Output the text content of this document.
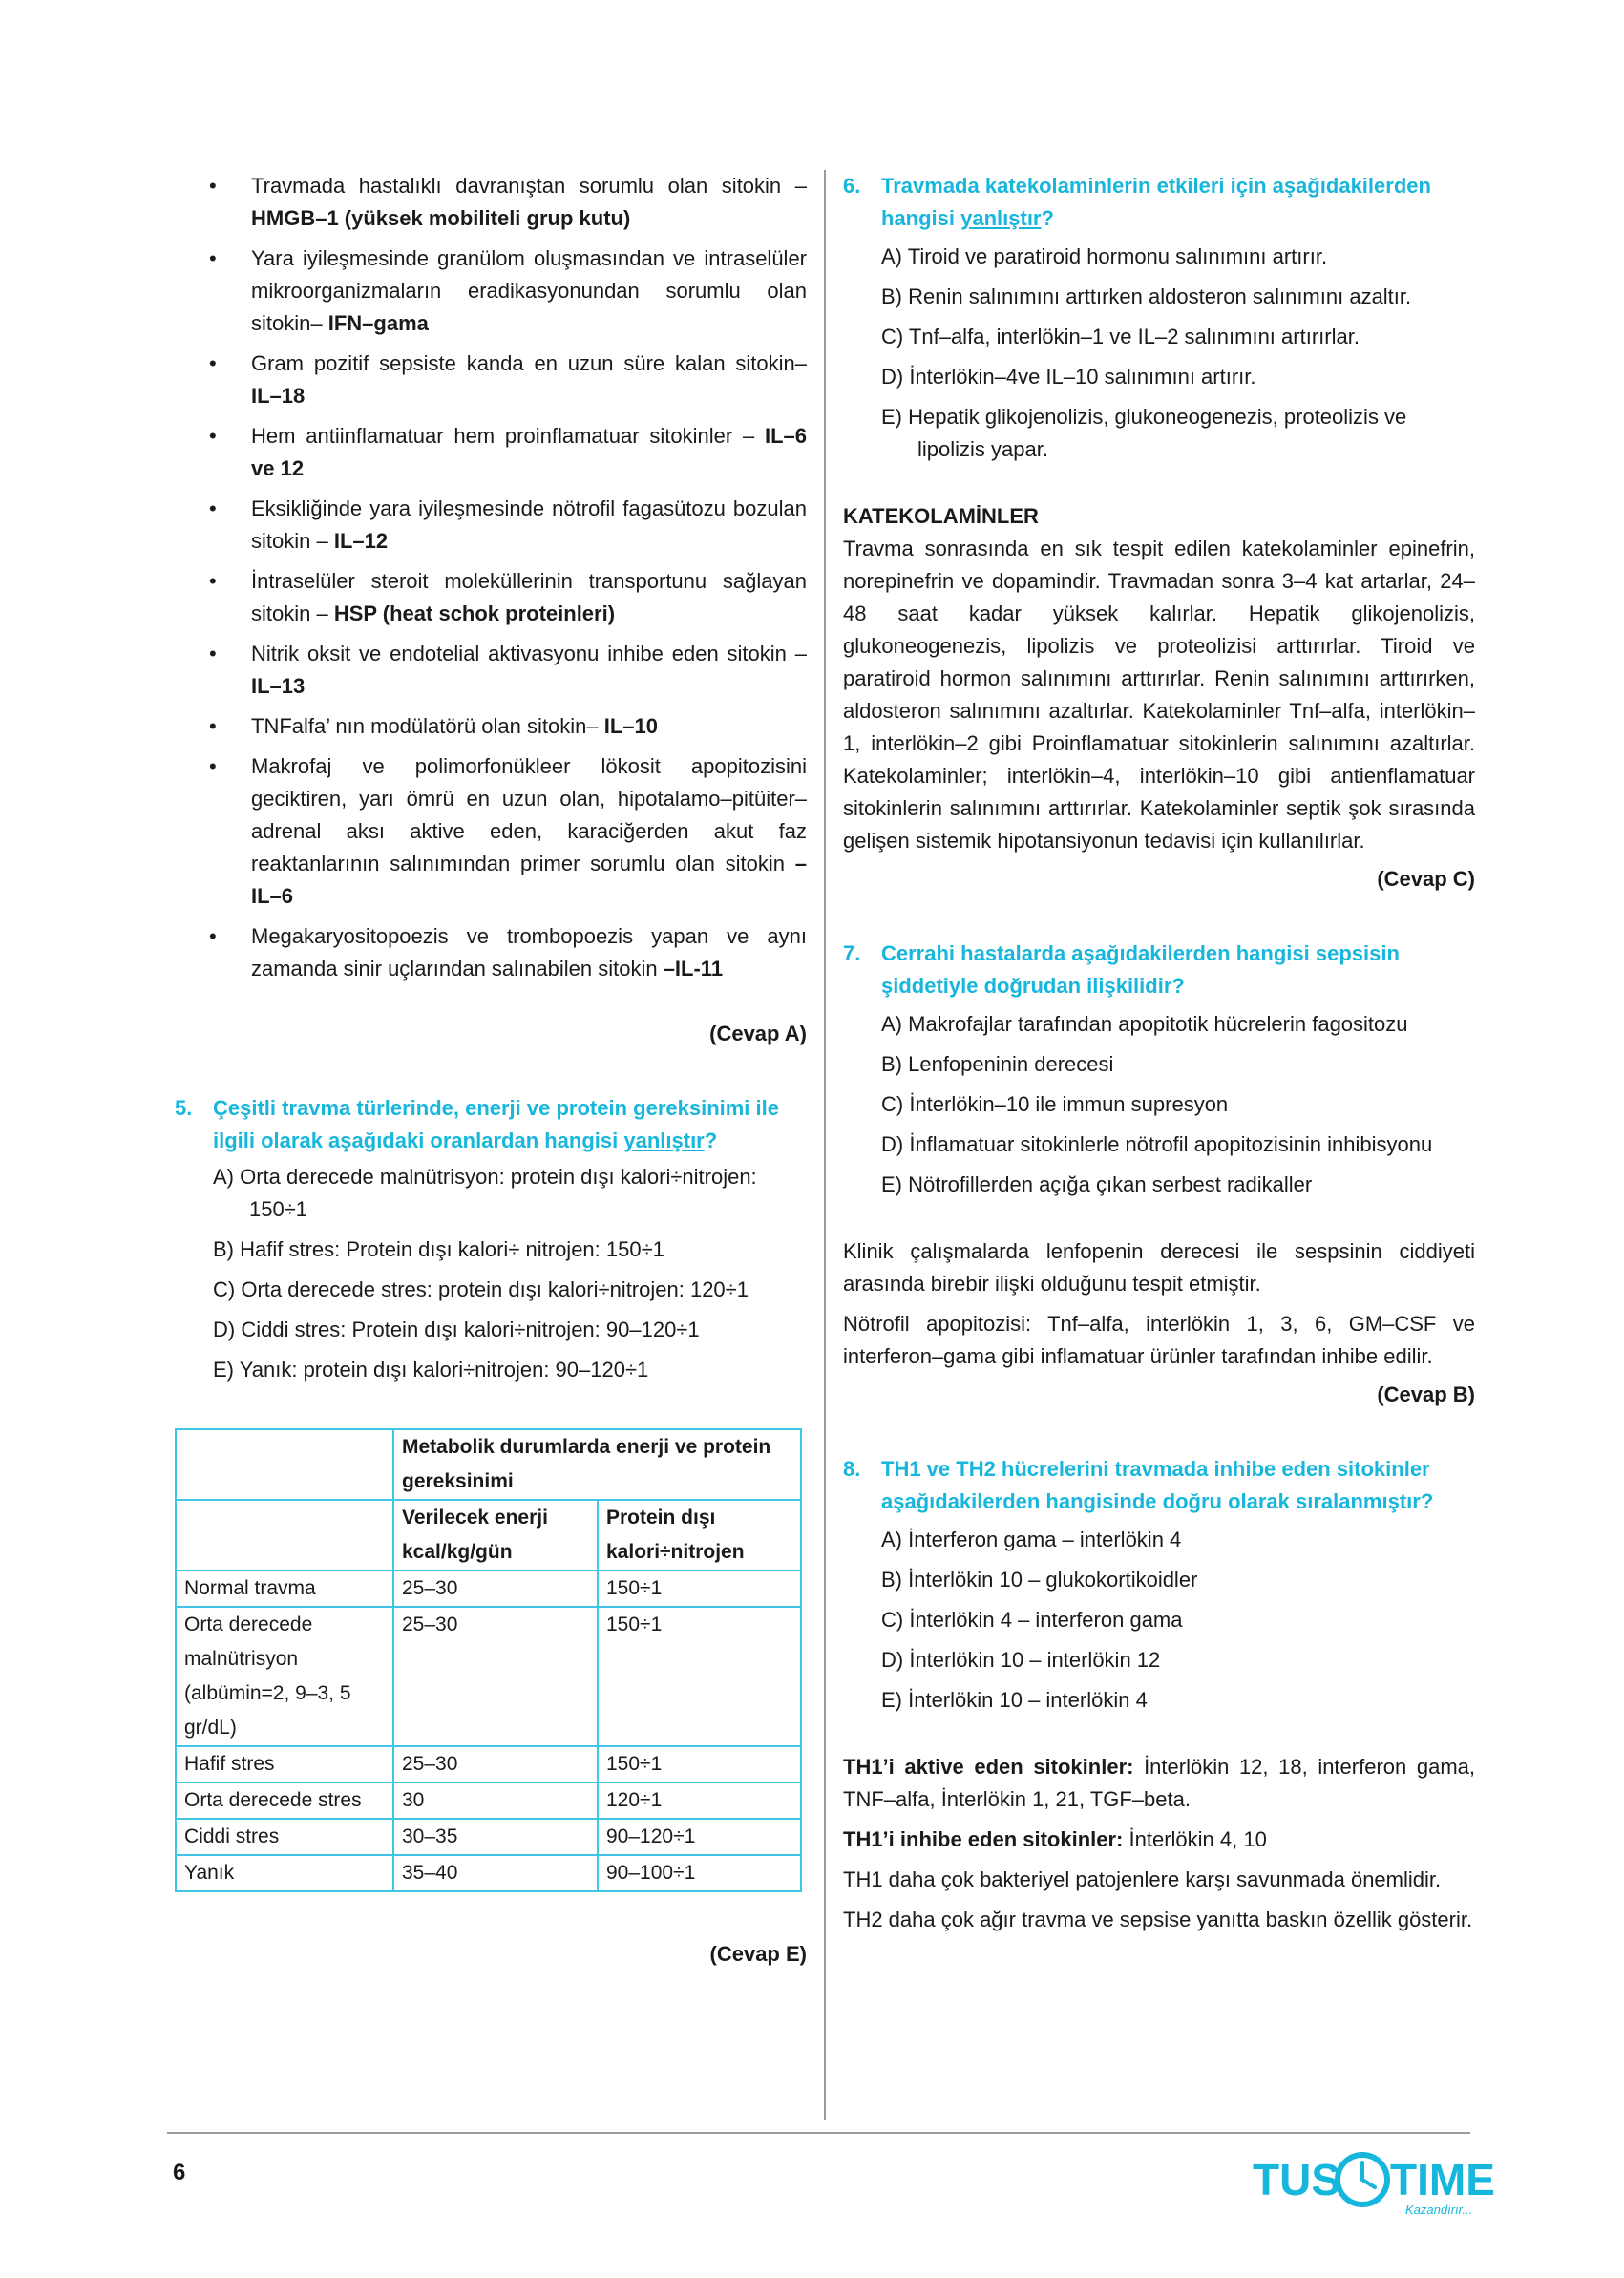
• Travmada hastalıklı davranıştan sorumlu olan sitokin – HMGB–1 (yüksek mobiliteli grup kutu)
• Yara iyileşmesinde granülom oluşmasından ve intraselüler mikroorganizmaların eradikasyonundan sorumlu olan sitokin– IFN–gama
• Gram pozitif sepsiste kanda en uzun süre kalan sitokin– IL–18
• Hem antiinflamatuar hem proinflamatuar sitokinler – IL–6 ve 12
• Eksikliğinde yara iyileşmesinde nötrofil fagasütozu bozulan sitokin – IL–12
• İntraselüler steroit moleküllerinin transportunu sağlayan sitokin – HSP (heat schok proteinleri)
• Nitrik oksit ve endotelial aktivasyonu inhibe eden sitokin – IL–13
• TNFalfa’ nın modülatörü olan sitokin– IL–10
• Makrofaj ve polimorfonükleer lökosit apopitozisini geciktiren, yarı ömrü en uzun olan, hipotalamo–pitüiter– adrenal aksı aktive eden, karaciğerden akut faz reaktanlarının salınımından primer sorumlu olan sitokin –IL–6
• Megakaryositopoezis ve trombopoezis yapan ve aynı zamanda sinir uçlarından salınabilen sitokin –IL-11
(Cevap A)
5. Çeşitli travma türlerinde, enerji ve protein gereksinimi ile ilgili olarak aşağıdaki oranlardan hangisi yanlıştır?

A) Orta derecede malnütrisyon: protein dışı kalori÷nitrojen: 150÷1

B) Hafif stres: Protein dışı kalori÷ nitrojen: 150÷1

C) Orta derecede stres: protein dışı kalori÷nitrojen: 120÷1

D) Ciddi stres: Protein dışı kalori÷nitrojen: 90–120÷1

E) Yanık: protein dışı kalori÷nitrojen: 90–120÷1

	Metabolik durumlarda enerji ve protein gereksinimi	
	Verilecek enerji kcal/kg/gün	Protein dışı kalori÷nitrojen
Normal travma	25–30	150÷1
Orta derecede malnütrisyon (albümin=2, 9–3, 5 gr/dL)	25–30	150÷1
Hafif stres	25–30	150÷1
Orta derecede stres	30	120÷1
Ciddi stres	30–35	90–120÷1
Yanık	35–40	90–100÷1
(Cevap E)
6. Travmada katekolaminlerin etkileri için aşağıdakilerden hangisi yanlıştır?

A) Tiroid ve paratiroid hormonu salınımını artırır.

B) Renin salınımını arttırken aldosteron salınımını azaltır.

C) Tnf–alfa, interlökin–1 ve IL–2 salınımını artırırlar.

D) İnterlökin–4ve IL–10 salınımını artırır.

E) Hepatik glikojenolizis, glukoneogenezis, proteolizis ve lipolizis yapar.

KATEKOLAMİNLER

Travma sonrasında en sık tespit edilen katekolaminler epinefrin, norepinefrin ve dopamindir. Travmadan sonra 3–4 kat artarlar, 24–48 saat kadar yüksek kalırlar. Hepatik glikojenolizis, glukoneogenezis, lipolizis ve proteolizisi arttırırlar. Tiroid ve paratiroid hormon salınımını arttırırlar. Renin salınımını arttırırken, aldosteron salınımını azaltırlar. Katekolaminler Tnf–alfa, interlökin–1, interlökin–2 gibi Proinflamatuar sitokinlerin salınımını azaltırlar. Katekolaminler; interlökin–4, interlökin–10 gibi antienflamatuar sitokinlerin salınımını arttırırlar. Katekolaminler septik şok sırasında gelişen sistemik hipotansiyonun tedavisi için kullanılırlar.

(Cevap C)
7. Cerrahi hastalarda aşağıdakilerden hangisi sepsisin şiddetiyle doğrudan ilişkilidir?

A) Makrofajlar tarafından apopitotik hücrelerin fagositozu

B) Lenfopeninin derecesi

C) İnterlökin–10 ile immun supresyon

D) İnflamatuar sitokinlerle nötrofil apopitozisinin inhibisyonu

E) Nötrofillerden açığa çıkan serbest radikaller

Klinik çalışmalarda lenfopenin derecesi ile sespsinin ciddiyeti arasında birebir ilişki olduğunu tespit etmiştir.

Nötrofil apopitozisi: Tnf–alfa, interlökin 1, 3, 6, GM–CSF ve interferon–gama gibi inflamatuar ürünler tarafından inhibe edilir.

(Cevap B)
8. TH1 ve TH2 hücrelerini travmada inhibe eden sitokinler aşağıdakilerden hangisinde doğru olarak sıralanmıştır?

A) İnterferon gama – interlökin 4

B) İnterlökin 10 – glukokortikoidler

C) İnterlökin 4 – interferon gama

D) İnterlökin 10 – interlökin 12

E) İnterlökin 10 – interlökin 4

TH1’i aktive eden sitokinler: İnterlökin 12, 18, interferon gama, TNF–alfa, İnterlökin 1, 21, TGF–beta.

TH1’i inhibe eden sitokinler: İnterlökin 4, 10

TH1 daha çok bakteriyel patojenlere karşı savunmada önemlidir.

TH2 daha çok ağır travma ve sepsise yanıtta baskın özellik gösterir.

6	TUS TIME
Kazandırır...
